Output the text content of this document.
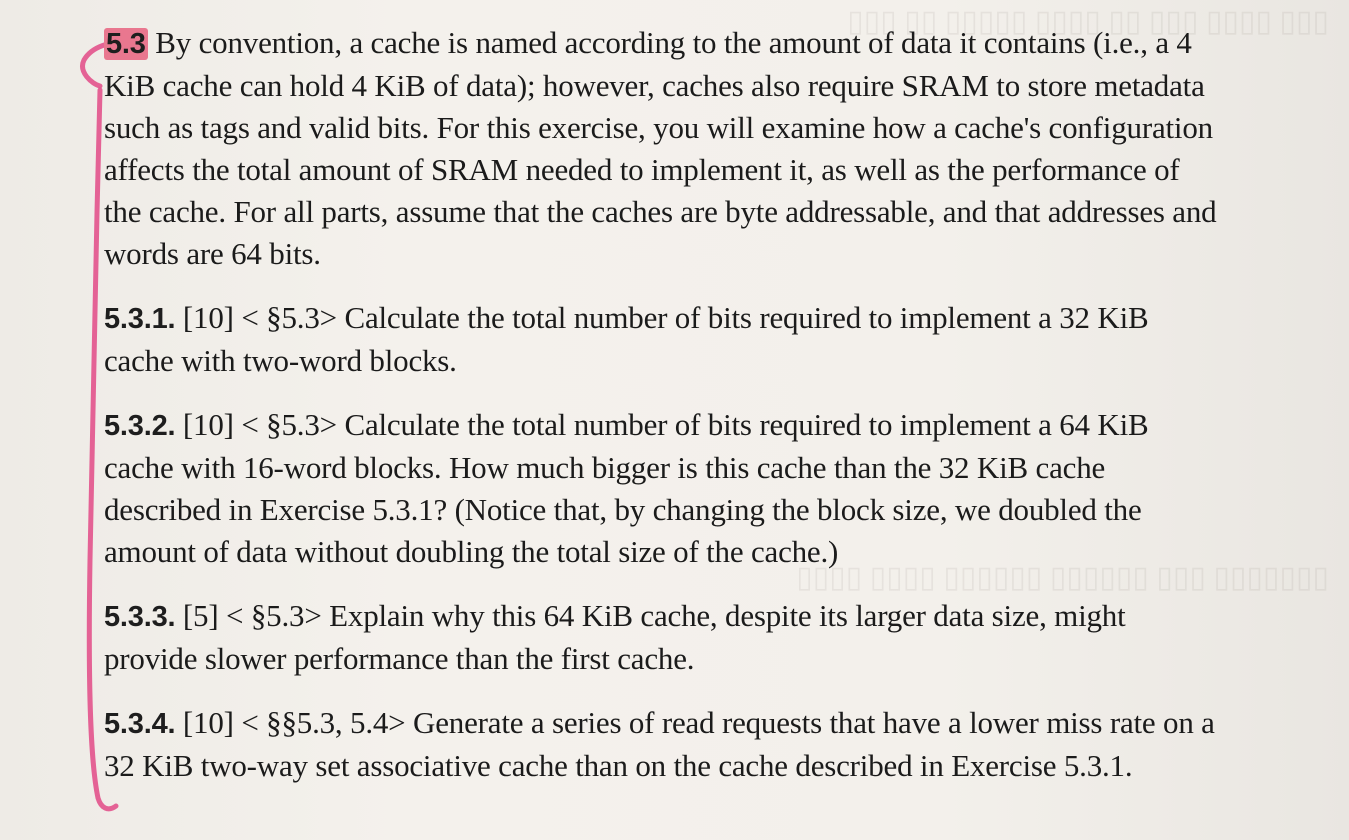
▯▯▯ ▯▯▯▯ ▯▯▯ ▯▯ ▯▯▯▯ ▯▯▯▯▯ ▯▯ ▯▯▯
▯▯▯▯▯▯▯ ▯▯▯ ▯▯▯▯▯▯ ▯▯▯▯▯▯ ▯▯▯▯ ▯▯▯▯

5.3 By convention, a cache is named according to the amount of data it contains (i.e., a 4 KiB cache can hold 4 KiB of data); however, caches also require SRAM to store metadata such as tags and valid bits. For this exercise, you will examine how a cache's configuration affects the total amount of SRAM needed to implement it, as well as the performance of the cache. For all parts, assume that the caches are byte addressable, and that addresses and words are 64 bits.

5.3.1. [10] < §5.3> Calculate the total number of bits required to implement a 32 KiB cache with two-word blocks.

5.3.2. [10] < §5.3> Calculate the total number of bits required to implement a 64 KiB cache with 16-word blocks. How much bigger is this cache than the 32 KiB cache described in Exercise 5.3.1? (Notice that, by changing the block size, we doubled the amount of data without doubling the total size of the cache.)

5.3.3. [5] < §5.3> Explain why this 64 KiB cache, despite its larger data size, might provide slower performance than the first cache.

5.3.4. [10] < §§5.3, 5.4> Generate a series of read requests that have a lower miss rate on a 32 KiB two-way set associative cache than on the cache described in Exercise 5.3.1.
